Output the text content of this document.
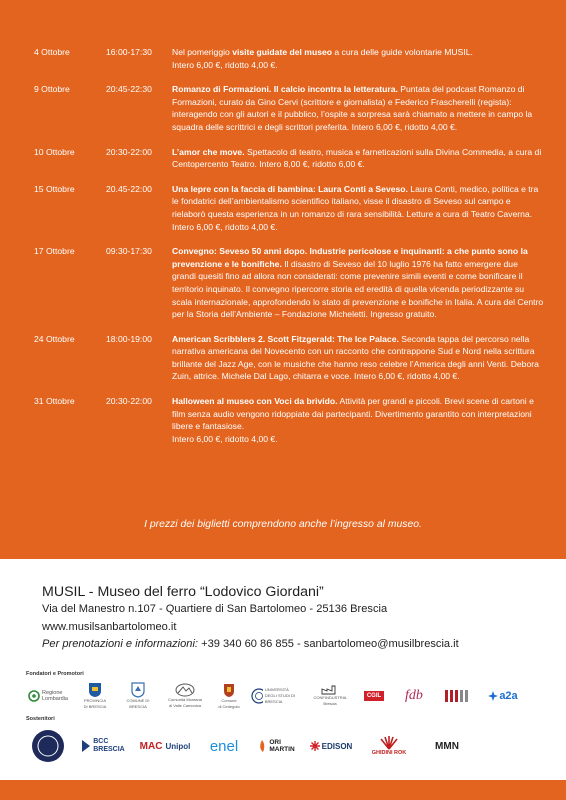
4 Ottobre	16:00-17:30	Nel pomeriggio visite guidate del museo a cura delle guide volontarie MUSIL.
Intero 6,00 €, ridotto 4,00 €.
9 Ottobre	20:45-22:30	Romanzo di Formazioni. Il calcio incontra la letteratura. Puntata del podcast Romanzo di Formazioni, curato da Gino Cervi (scrittore e giornalista) e Federico Frascherelli (regista): interagendo con gli autori e il pubblico, l’ospite a sorpresa sarà chiamato a mettere in campo la squadra delle scrittrici e degli scrittori preferita. Intero 6,00 €, ridotto 4,00 €.
10 Ottobre	20:30-22:00	L’amor che move. Spettacolo di teatro, musica e farneticazioni sulla Divina Commedia, a cura di Centopercento Teatro. Intero 8,00 €, ridotto 6,00 €.
15 Ottobre	20.45-22:00	Una lepre con la faccia di bambina: Laura Conti a Seveso. Laura Conti, medico, politica e tra le fondatrici dell’ambientalismo scientifico italiano, visse il disastro di Seveso sul campo e rielaborò questa esperienza in un romanzo di rara sensibilità. Letture a cura di Teatro Caverna. Intero 6,00 €, ridotto 4,00 €.
17 Ottobre	09:30-17:30	Convegno: Seveso 50 anni dopo. Industrie pericolose e inquinanti: a che punto sono la prevenzione e le bonifiche. Il disastro di Seveso del 10 luglio 1976 ha fatto emergere due grandi quesiti fino ad allora non considerati: come prevenire simili eventi e come bonificare il territorio inquinato. Il convegno ripercorre storia ed eredità di quella vicenda periodizzante su scala internazionale, approfondendo lo stato di prevenzione e bonifiche in Italia. A cura del Centro per la Storia dell’Ambiente – Fondazione Micheletti. Ingresso gratuito.
24 Ottobre	18:00-19:00	American Scribblers 2. Scott Fitzgerald: The Ice Palace. Seconda tappa del percorso nella narrativa americana del Novecento con un racconto che contrappone Sud e Nord nella scrittura brillante del Jazz Age, con le musiche che hanno reso celebre l’America degli anni Venti. Debora Zuin, attrice. Michele Dal Lago, chitarra e voce. Intero 6,00 €, ridotto 4,00 €.
31 Ottobre	20:30-22:00	Halloween al museo con Voci da brivido. Attività per grandi e piccoli. Brevi scene di cartoni e film senza audio vengono ridoppiate dai partecipanti. Divertimento garantito con interpretazioni libere e fantasiose.
Intero 6,00 €, ridotto 4,00 €.
I prezzi dei biglietti comprendono anche l’ingresso al museo.
MUSIL - Museo del ferro “Lodovico Giordani”
Via del Manestro n.107 - Quartiere di San Bartolomeo - 25136 Brescia
www.musilsanbartolomeo.it
Per prenotazioni e informazioni: +39 340 60 86 855 - sanbartolomeo@musilbrescia.it
Fondatori e Promotori
Regione
Lombardia	PROVINCIA
DI BRESCIA
COMUNE DI
BRESCIA
Comunità Montana
di Valle Camonica
Comune
di Cedegolo
UNIVERSITÀ
DEGLI STUDI DI BRESCIA
CONFINDUSTRIA
Brescia
CGIL fdb	a2a
Sostenitori
BCC
BRESCIA MAC Unipol enel	ORI
MARTIN	EDISON
GHIDINI ROK
MMN
